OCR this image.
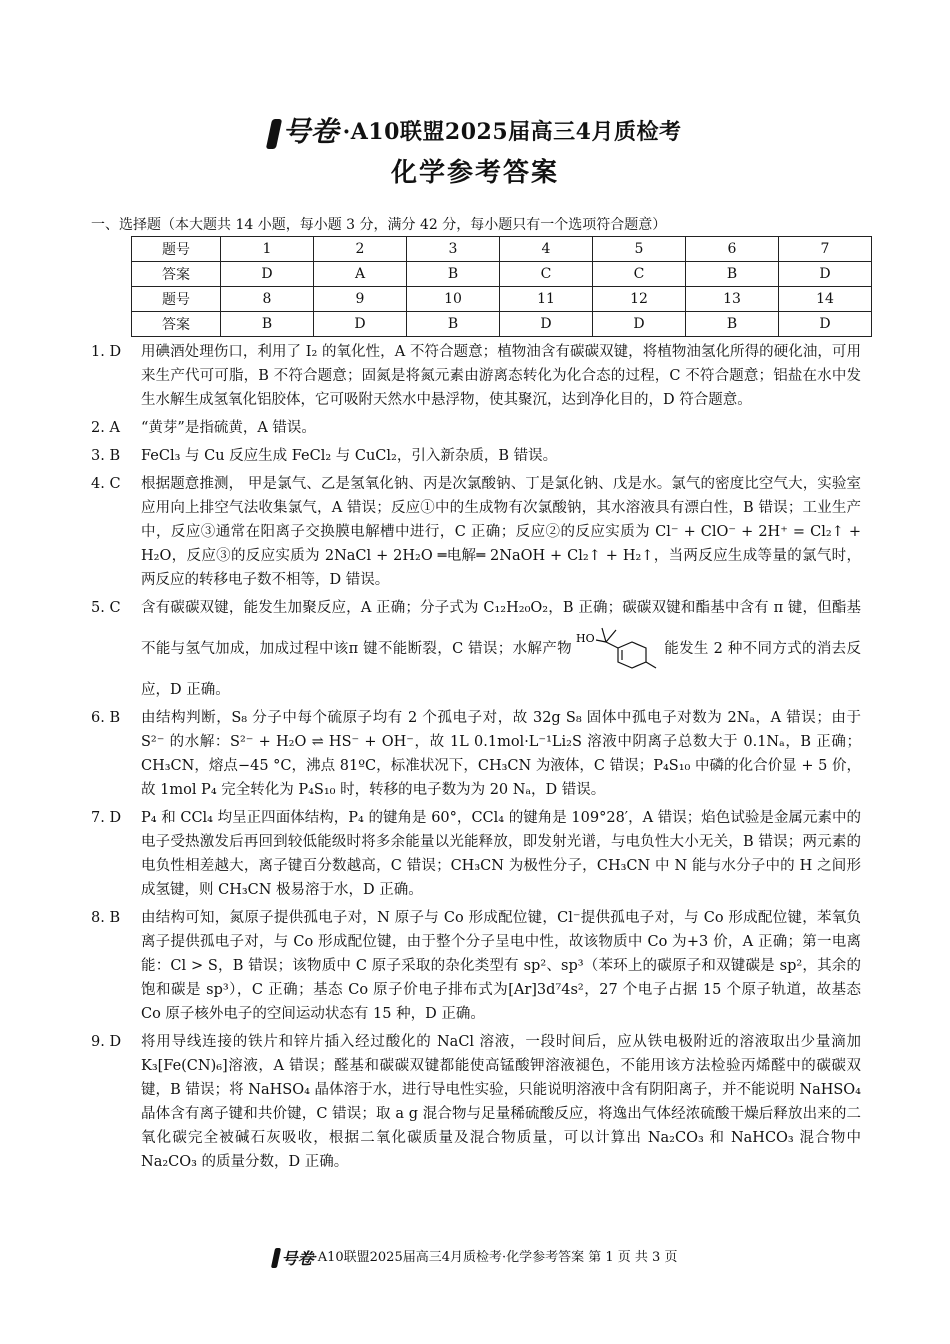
号卷 ·A10联盟2025届高三4月质检考
化学参考答案
一、选择题（本大题共 14 小题，每小题 3 分，满分 42 分，每小题只有一个选项符合题意）
题号	1	2	3	4	5	6	7
答案	D	A	B	C	C	B	D
题号	8	9	10	11	12	13	14
答案	B	D	B	D	D	B	D
1. D	用碘酒处理伤口，利用了 I₂ 的氧化性，A 不符合题意；植物油含有碳碳双键，将植物油氢化所得的硬化油，可用来生产代可可脂，B 不符合题意；固氮是将氮元素由游离态转化为化合态的过程，C 不符合题意；铝盐在水中发生水解生成氢氧化铝胶体，它可吸附天然水中悬浮物，使其聚沉，达到净化目的，D 符合题意。

2. A	“黄芽”是指硫黄，A 错误。

3. B	FeCl₃ 与 Cu 反应生成 FeCl₂ 与 CuCl₂，引入新杂质，B 错误。

4. C	根据题意推测， 甲是氯气、乙是氢氧化钠、丙是次氯酸钠、丁是氯化钠、戊是水。氯气的密度比空气大，实验室应用向上排空气法收集氯气，A 错误；反应①中的生成物有次氯酸钠，其水溶液具有漂白性，B 错误；工业生产中，反应③通常在阳离子交换膜电解槽中进行，C 正确；反应②的反应实质为 Cl⁻ + ClO⁻ + 2H⁺ = Cl₂↑ + H₂O，反应③的反应实质为 2NaCl + 2H₂O ═电解═ 2NaOH + Cl₂↑ + H₂↑，当两反应生成等量的氯气时，两反应的转移电子数不相等，D 错误。

5. C	含有碳碳双键，能发生加聚反应，A 正确；分子式为 C₁₂H₂₀O₂，B 正确；碳碳双键和酯基中含有 π 键，但酯基不能与氢气加成，加成过程中该π 键不能断裂，C 错误；水解产物
HO
能发生 2 种不同方式的消去反应，D 正确。

6. B	由结构判断，S₈ 分子中每个硫原子均有 2 个孤电子对，故 32g S₈ 固体中孤电子对数为 2Nₐ，A 错误；由于 S²⁻ 的水解：S²⁻ + H₂O ⇌ HS⁻ + OH⁻，故 1L 0.1mol·L⁻¹Li₂S 溶液中阴离子总数大于 0.1Nₐ，B 正确；CH₃CN，熔点−45 °C，沸点 81ºC，标准状况下，CH₃CN 为液体，C 错误；P₄S₁₀ 中磷的化合价显 + 5 价，故 1mol P₄ 完全转化为 P₄S₁₀ 时，转移的电子数为为 20 Nₐ，D 错误。

7. D	P₄ 和 CCl₄ 均呈正四面体结构，P₄ 的键角是 60°，CCl₄ 的键角是 109°28′，A 错误；焰色试验是金属元素中的电子受热激发后再回到较低能级时将多余能量以光能释放，即发射光谱，与电负性大小无关，B 错误；两元素的电负性相差越大，离子键百分数越高，C 错误；CH₃CN 为极性分子，CH₃CN 中 N 能与水分子中的 H 之间形成氢键，则 CH₃CN 极易溶于水，D 正确。

8. B	由结构可知，氮原子提供孤电子对，N 原子与 Co 形成配位键，Cl⁻提供孤电子对，与 Co 形成配位键，苯氧负离子提供孤电子对，与 Co 形成配位键，由于整个分子呈电中性，故该物质中 Co 为+3 价，A 正确；第一电离能：Cl > S，B 错误；该物质中 C 原子采取的杂化类型有 sp²、sp³（苯环上的碳原子和双键碳是 sp²，其余的饱和碳是 sp³），C 正确；基态 Co 原子价电子排布式为[Ar]3d⁷4s²，27 个电子占据 15 个原子轨道，故基态 Co 原子核外电子的空间运动状态有 15 种，D 正确。

9. D	将用导线连接的铁片和锌片插入经过酸化的 NaCl 溶液，一段时间后，应从铁电极附近的溶液取出少量滴加 K₃[Fe(CN)₆]溶液，A 错误；醛基和碳碳双键都能使高锰酸钾溶液褪色，不能用该方法检验丙烯醛中的碳碳双键，B 错误；将 NaHSO₄ 晶体溶于水，进行导电性实验，只能说明溶液中含有阴阳离子，并不能说明 NaHSO₄ 晶体含有离子键和共价键，C 错误；取 a g 混合物与足量稀硫酸反应，将逸出气体经浓硫酸干燥后释放出来的二氧化碳完全被碱石灰吸收，根据二氧化碳质量及混合物质量，可以计算出 Na₂CO₃ 和 NaHCO₃ 混合物中 Na₂CO₃ 的质量分数，D 正确。

号卷·A10联盟2025届高三4月质检考·化学参考答案 第 1 页 共 3 页
